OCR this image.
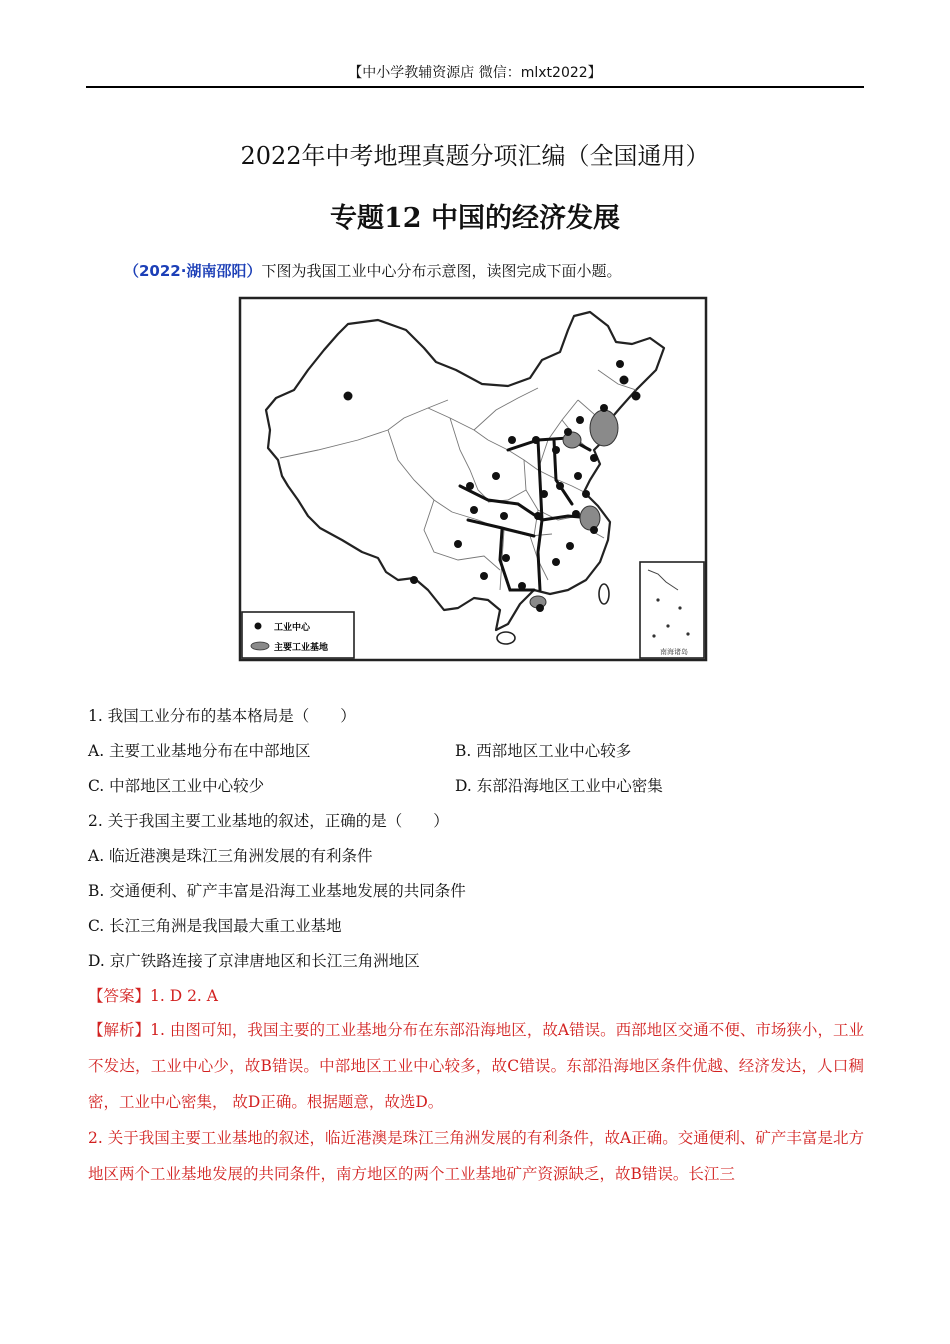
【中小学教辅资源店 微信：mlxt2022】
2022年中考地理真题分项汇编（全国通用）
专题12 中国的经济发展
（2022·湖南邵阳）下图为我国工业中心分布示意图，读图完成下面小题。
南海诸岛
工业中心
主要工业基地
1. 我国工业分布的基本格局是（　　）
A. 主要工业基地分布在中部地区	B. 西部地区工业中心较多
C. 中部地区工业中心较少	D. 东部沿海地区工业中心密集
2. 关于我国主要工业基地的叙述，正确的是（　　）
A. 临近港澳是珠江三角洲发展的有利条件
B. 交通便利、矿产丰富是沿海工业基地发展的共同条件
C. 长江三角洲是我国最大重工业基地
D. 京广铁路连接了京津唐地区和长江三角洲地区
【答案】1. D 2. A

【解析】1. 由图可知，我国主要的工业基地分布在东部沿海地区，故A错误。西部地区交通不便、市场狭小，工业不发达，工业中心少，故B错误。中部地区工业中心较多，故C错误。东部沿海地区条件优越、经济发达，人口稠密，工业中心密集， 故D正确。根据题意，故选D。

2. 关于我国主要工业基地的叙述，临近港澳是珠江三角洲发展的有利条件，故A正确。交通便利、矿产丰富是北方地区两个工业基地发展的共同条件，南方地区的两个工业基地矿产资源缺乏，故B错误。长江三
